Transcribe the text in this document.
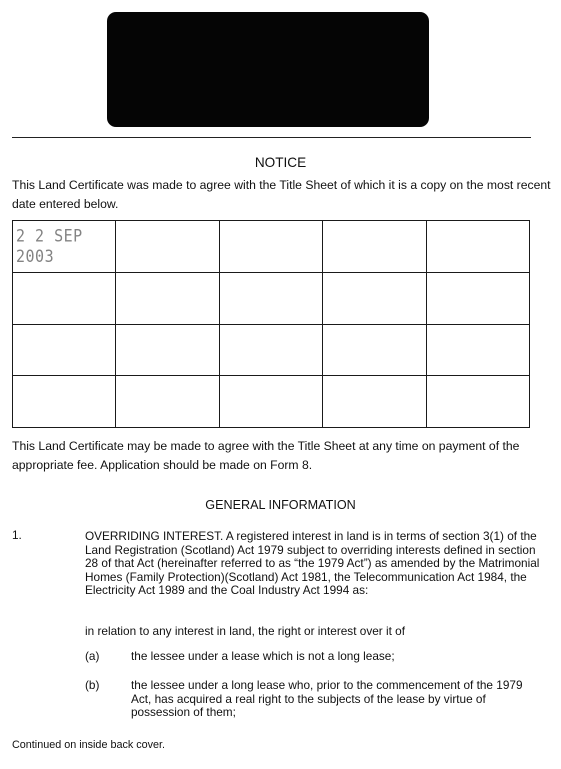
NOTICE

This Land Certificate was made to agree with the Title Sheet of which it is a copy on the most recent date entered below.

2 2 SEP 2003				

This Land Certificate may be made to agree with the Title Sheet at any time on payment of the appropriate fee. Application should be made on Form 8.

GENERAL INFORMATION
1.	OVERRIDING INTEREST. A registered interest in land is in terms of section 3(1) of the Land Registration (Scotland) Act 1979 subject to overriding interests defined in section 28 of that Act (hereinafter referred to as “the 1979 Act”) as amended by the Matrimonial Homes (Family Protection)(Scotland) Act 1981, the Telecommunication Act 1984, the Electricity Act 1989 and the Coal Industry Act 1994 as:
in relation to any interest in land, the right or interest over it of
(a)	the lessee under a lease which is not a long lease;
(b)	the lessee under a long lease who, prior to the commencement of the 1979 Act, has acquired a real right to the subjects of the lease by virtue of possession of them;
Continued on inside back cover.
